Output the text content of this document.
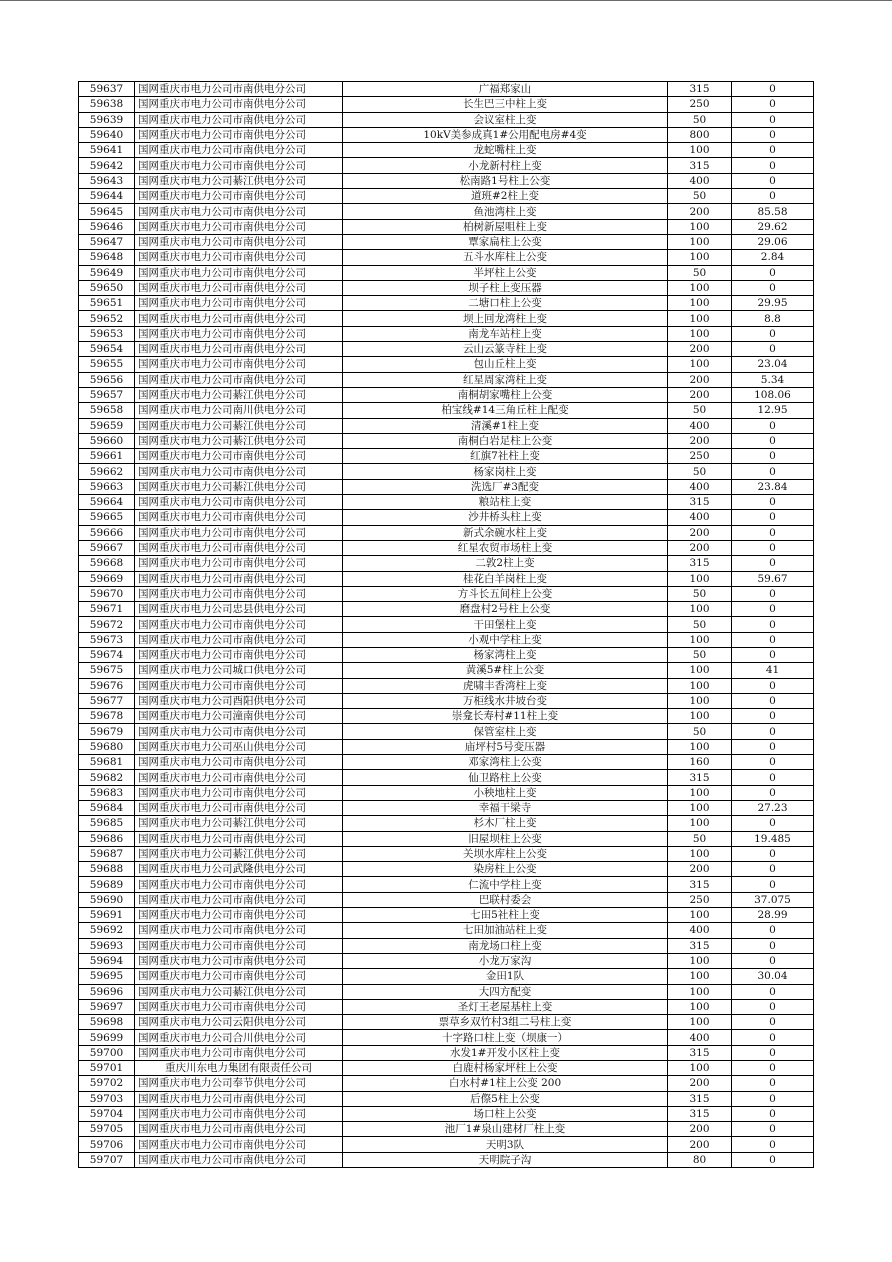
59637	国网重庆市电力公司市南供电分公司	广福郑家山	315	0
59638	国网重庆市电力公司市南供电分公司	长生巴三中柱上变	250	0
59639	国网重庆市电力公司市南供电分公司	会议室柱上变	50	0
59640	国网重庆市电力公司市南供电分公司	10kV美参成真1#公用配电房#4变	800	0
59641	国网重庆市电力公司市南供电分公司	龙蛇嘴柱上变	100	0
59642	国网重庆市电力公司市南供电分公司	小龙新村柱上变	315	0
59643	国网重庆市电力公司綦江供电分公司	松南路1号柱上公变	400	0
59644	国网重庆市电力公司市南供电分公司	道班#2柱上变	50	0
59645	国网重庆市电力公司市南供电分公司	鱼池湾柱上变	200	85.58
59646	国网重庆市电力公司市南供电分公司	柏树新屋咀柱上变	100	29.62
59647	国网重庆市电力公司市南供电分公司	覃家扁柱上公变	100	29.06
59648	国网重庆市电力公司市南供电分公司	五斗水库柱上公变	100	2.84
59649	国网重庆市电力公司市南供电分公司	半坪柱上公变	50	0
59650	国网重庆市电力公司市南供电分公司	坝子柱上变压器	100	0
59651	国网重庆市电力公司市南供电分公司	二塘口柱上公变	100	29.95
59652	国网重庆市电力公司市南供电分公司	坝上回龙湾柱上变	100	8.8
59653	国网重庆市电力公司市南供电分公司	南龙车站柱上变	100	0
59654	国网重庆市电力公司市南供电分公司	云山云篆寺柱上变	200	0
59655	国网重庆市电力公司市南供电分公司	包山丘柱上变	100	23.04
59656	国网重庆市电力公司市南供电分公司	红星周家湾柱上变	200	5.34
59657	国网重庆市电力公司綦江供电分公司	南桐胡家嘴柱上公变	200	108.06
59658	国网重庆市电力公司南川供电分公司	柏宝线#14三角丘柱上配变	50	12.95
59659	国网重庆市电力公司綦江供电分公司	清溪#1柱上变	400	0
59660	国网重庆市电力公司綦江供电分公司	南桐白岩足柱上公变	200	0
59661	国网重庆市电力公司市南供电分公司	红旗7社柱上变	250	0
59662	国网重庆市电力公司市南供电分公司	杨家岗柱上变	50	0
59663	国网重庆市电力公司綦江供电分公司	洗选厂#3配变	400	23.84
59664	国网重庆市电力公司市南供电分公司	粮站柱上变	315	0
59665	国网重庆市电力公司市南供电分公司	沙井桥头柱上变	400	0
59666	国网重庆市电力公司市南供电分公司	新式余碗水柱上变	200	0
59667	国网重庆市电力公司市南供电分公司	红星农贸市场柱上变	200	0
59668	国网重庆市电力公司市南供电分公司	二敦2柱上变	315	0
59669	国网重庆市电力公司市南供电分公司	桂花白羊岗柱上变	100	59.67
59670	国网重庆市电力公司市南供电分公司	方斗长五间柱上公变	50	0
59671	国网重庆市电力公司忠县供电分公司	磨盘村2号柱上公变	100	0
59672	国网重庆市电力公司市南供电分公司	干田堡柱上变	50	0
59673	国网重庆市电力公司市南供电分公司	小观中学柱上变	100	0
59674	国网重庆市电力公司市南供电分公司	杨家湾柱上变	50	0
59675	国网重庆市电力公司城口供电分公司	黄溪5#柱上公变	100	41
59676	国网重庆市电力公司市南供电分公司	虎啸丰香湾柱上变	100	0
59677	国网重庆市电力公司酉阳供电分公司	万柜线水井坡台变	100	0
59678	国网重庆市电力公司潼南供电分公司	崇龛长寿村#11柱上变	100	0
59679	国网重庆市电力公司市南供电分公司	保管室柱上变	50	0
59680	国网重庆市电力公司巫山供电分公司	庙坪村5号变压器	100	0
59681	国网重庆市电力公司市南供电分公司	邓家湾柱上公变	160	0
59682	国网重庆市电力公司市南供电分公司	仙卫路柱上公变	315	0
59683	国网重庆市电力公司市南供电分公司	小秧地柱上变	100	0
59684	国网重庆市电力公司市南供电分公司	幸福干梁寺	100	27.23
59685	国网重庆市电力公司綦江供电分公司	杉木厂柱上变	100	0
59686	国网重庆市电力公司市南供电分公司	旧屋坝柱上公变	50	19.485
59687	国网重庆市电力公司綦江供电分公司	关坝水库柱上公变	100	0
59688	国网重庆市电力公司武隆供电分公司	染房柱上公变	200	0
59689	国网重庆市电力公司市南供电分公司	仁流中学柱上变	315	0
59690	国网重庆市电力公司市南供电分公司	巴联村委会	250	37.075
59691	国网重庆市电力公司市南供电分公司	七田5社柱上变	100	28.99
59692	国网重庆市电力公司市南供电分公司	七田加油站柱上变	400	0
59693	国网重庆市电力公司市南供电分公司	南龙场口柱上变	315	0
59694	国网重庆市电力公司市南供电分公司	小龙万家沟	100	0
59695	国网重庆市电力公司市南供电分公司	金田1队	100	30.04
59696	国网重庆市电力公司綦江供电分公司	大四方配变	100	0
59697	国网重庆市电力公司市南供电分公司	圣灯王老屋基柱上变	100	0
59698	国网重庆市电力公司云阳供电分公司	票草乡双竹村3组二号柱上变	100	0
59699	国网重庆市电力公司合川供电分公司	十字路口柱上变（坝康一）	400	0
59700	国网重庆市电力公司市南供电分公司	水发1#开发小区柱上变	315	0
59701	重庆川东电力集团有限责任公司	白鹿村杨家坪柱上公变	100	0
59702	国网重庆市电力公司奉节供电分公司	白水村#1柱上公变 200	200	0
59703	国网重庆市电力公司市南供电分公司	后傺5柱上公变	315	0
59704	国网重庆市电力公司市南供电分公司	场口柱上公变	315	0
59705	国网重庆市电力公司市南供电分公司	池厂1#泉山建材厂柱上变	200	0
59706	国网重庆市电力公司市南供电分公司	天明3队	200	0
59707	国网重庆市电力公司市南供电分公司	天明院子沟	80	0
